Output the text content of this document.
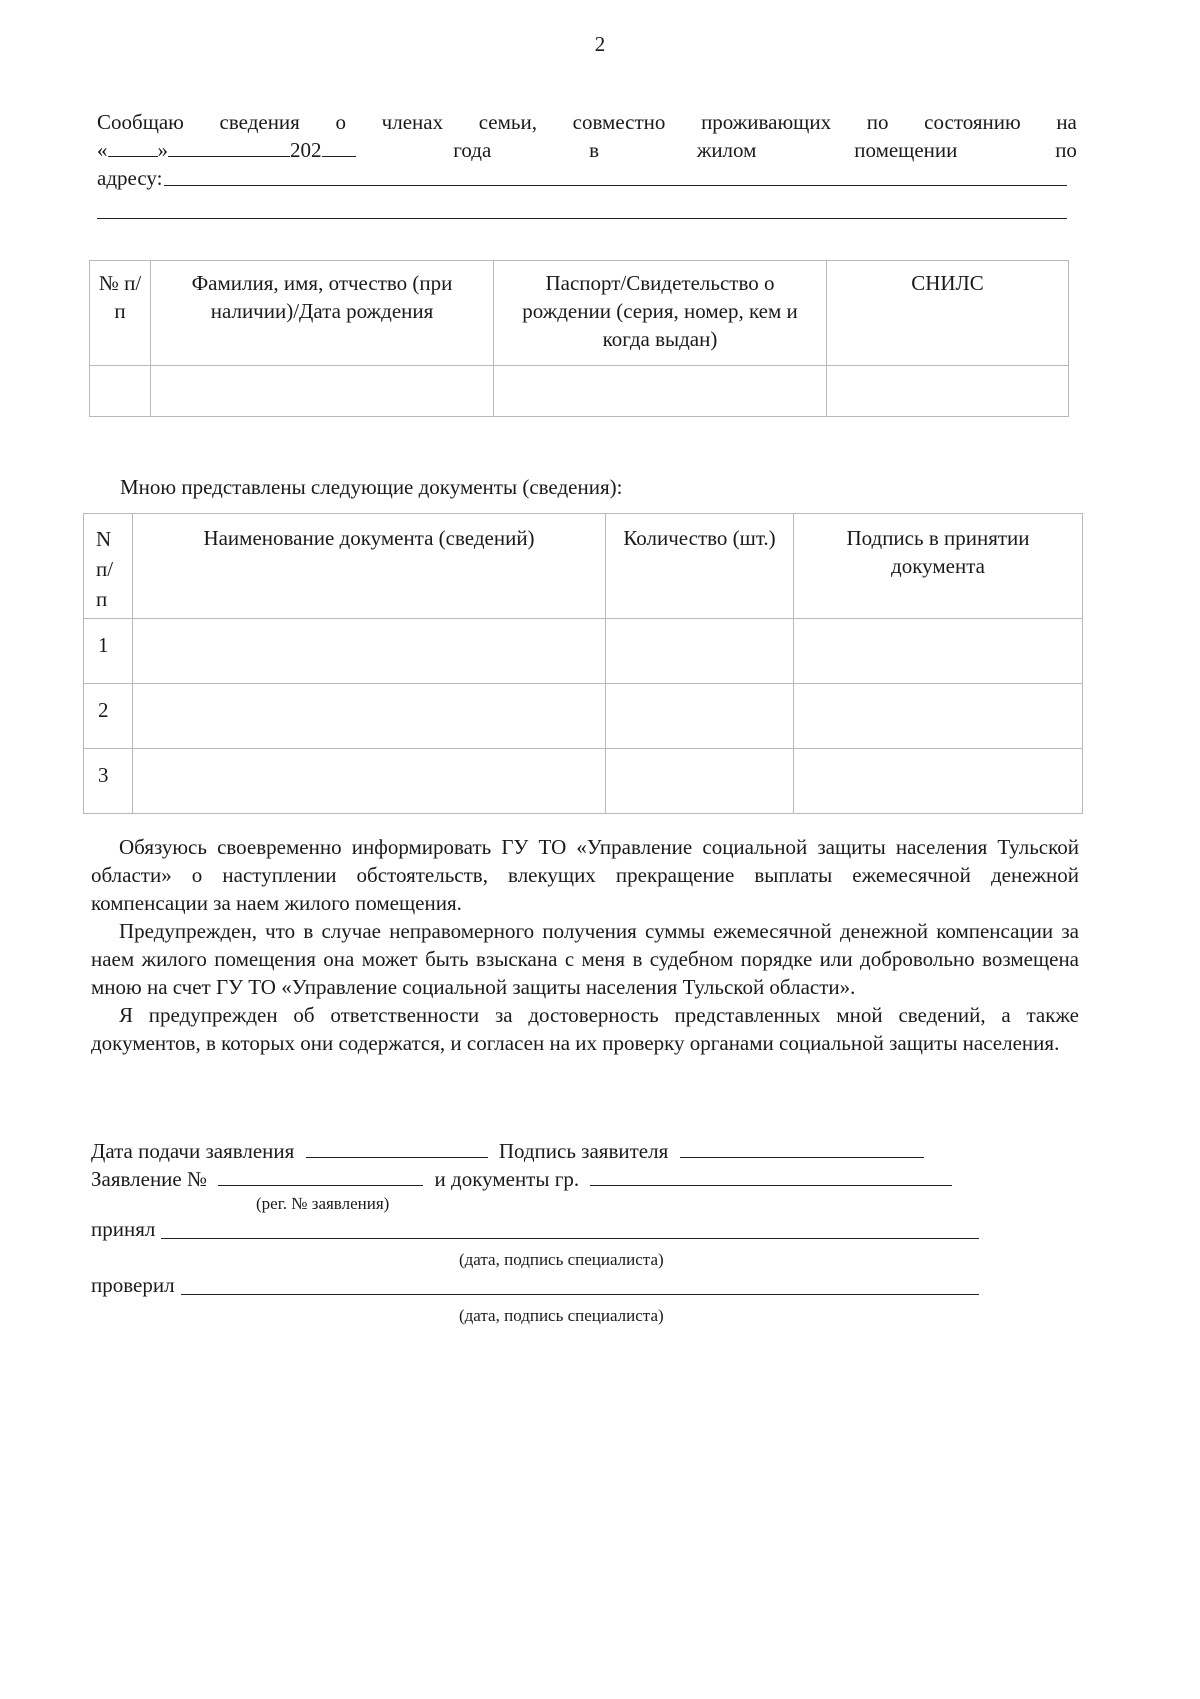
2
Сообщаю сведения о членах семьи, совместно проживающих по состоянию на
« »	202	года	в	жилом	помещении	по
адресу:
№ п/п	Фамилия, имя, отчество (при наличии)/Дата рождения	Паспорт/Свидетельство о рождении (серия, номер, кем и когда выдан)	СНИЛС

Мною представлены следующие документы (сведения):
N п/ п	Наименование документа (сведений)	Количество (шт.)	Подпись в принятии документа
1			
2			
3			

Обязуюсь своевременно информировать ГУ ТО «Управление социальной защиты населения Тульской области» о наступлении обстоятельств, влекущих прекращение выплаты ежемесячной денежной компенсации за наем жилого помещения.

Предупрежден, что в случае неправомерного получения суммы ежемесячной денежной компенсации за наем жилого помещения она может быть взыскана с меня в судебном порядке или добровольно возмещена мною на счет ГУ ТО «Управление социальной защиты населения Тульской области».

Я предупрежден об ответственности за достоверность представленных мной сведений, а также документов, в которых они содержатся, и согласен на их проверку органами социальной защиты населения.

Дата подачи заявления	Подпись заявителя
Заявление №	и документы гр.
(рег. № заявления)
принял
(дата, подпись специалиста)
проверил
(дата, подпись специалиста)
